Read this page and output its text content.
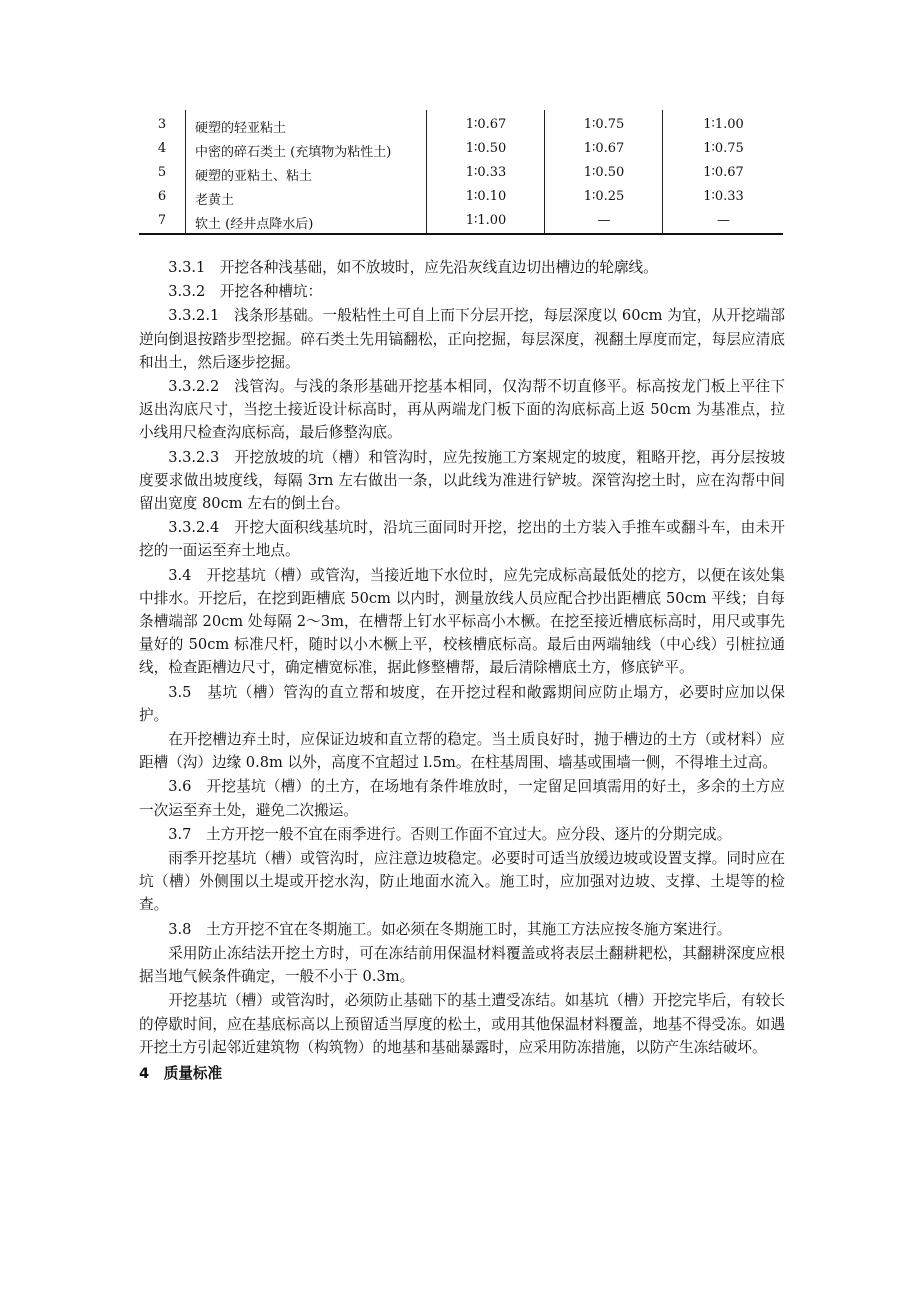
3	硬塑的轻亚粘土	1∶0.67	1∶0.75	1∶1.00
4	中密的碎石类土 (充填物为粘性土)	1∶0.50	1∶0.67	1∶0.75
5	硬塑的亚粘土、粘土	1∶0.33	1∶0.50	1∶0.67
6	老黄土	1∶0.10	1∶0.25	1∶0.33
7	软土 (经井点降水后)	1∶1.00	—	—

3.3.1　开挖各种浅基础，如不放坡时，应先沿灰线直边切出槽边的轮廓线。

3.3.2　开挖各种槽坑：

3.3.2.1　浅条形基础。一般粘性土可自上而下分层开挖，每层深度以 60cm 为宜，从开挖端部逆向倒退按踏步型挖掘。碎石类土先用镐翻松，正向挖掘，每层深度，视翻土厚度而定，每层应清底和出土，然后逐步挖掘。

3.3.2.2　浅管沟。与浅的条形基础开挖基本相同，仅沟帮不切直修平。标高按龙门板上平往下返出沟底尺寸，当挖土接近设计标高时，再从两端龙门板下面的沟底标高上返 50cm 为基准点，拉小线用尺检查沟底标高，最后修整沟底。

3.3.2.3　开挖放坡的坑（槽）和管沟时，应先按施工方案规定的坡度，粗略开挖，再分层按坡度要求做出坡度线，每隔 3rn 左右做出一条，以此线为准进行铲坡。深管沟挖土时，应在沟帮中间留出宽度 80cm 左右的倒土台。

3.3.2.4　开挖大面积线基坑时，沿坑三面同时开挖，挖出的土方装入手推车或翻斗车，由未开挖的一面运至弃土地点。

3.4　开挖基坑（槽）或管沟，当接近地下水位时，应先完成标高最低处的挖方，以便在该处集中排水。开挖后，在挖到距槽底 50cm 以内时，测量放线人员应配合抄出距槽底 50cm 平线；自每条槽端部 20cm 处每隔 2～3m，在槽帮上钉水平标高小木橛。在挖至接近槽底标高时，用尺或事先量好的 50cm 标准尺杆，随时以小木橛上平，校核槽底标高。最后由两端轴线（中心线）引桩拉通线，检查距槽边尺寸，确定槽宽标准，据此修整槽帮，最后清除槽底土方，修底铲平。

3.5　基坑（槽）管沟的直立帮和坡度，在开挖过程和敞露期间应防止塌方，必要时应加以保护。

在开挖槽边弃土时，应保证边坡和直立帮的稳定。当土质良好时，抛于槽边的土方（或材料）应距槽（沟）边缘 0.8m 以外，高度不宜超过 l.5m。在柱基周围、墙基或围墙一侧，不得堆土过高。

3.6　开挖基坑（槽）的土方，在场地有条件堆放时，一定留足回填需用的好土，多余的土方应一次运至弃土处，避免二次搬运。

3.7　土方开挖一般不宜在雨季进行。否则工作面不宜过大。应分段、逐片的分期完成。

雨季开挖基坑（槽）或管沟时，应注意边坡稳定。必要时可适当放缓边坡或设置支撑。同时应在坑（槽）外侧围以土堤或开挖水沟，防止地面水流入。施工时，应加强对边坡、支撑、土堤等的检查。

3.8　土方开挖不宜在冬期施工。如必须在冬期施工时，其施工方法应按冬施方案进行。

采用防止冻结法开挖土方时，可在冻结前用保温材料覆盖或将表层土翻耕耙松，其翻耕深度应根据当地气候条件确定，一般不小于 0.3m。

开挖基坑（槽）或管沟时，必须防止基础下的基土遭受冻结。如基坑（槽）开挖完毕后，有较长的停歇时间，应在基底标高以上预留适当厚度的松土，或用其他保温材料覆盖，地基不得受冻。如遇开挖土方引起邻近建筑物（构筑物）的地基和基础暴露时，应采用防冻措施，以防产生冻结破坏。

4　质量标准
